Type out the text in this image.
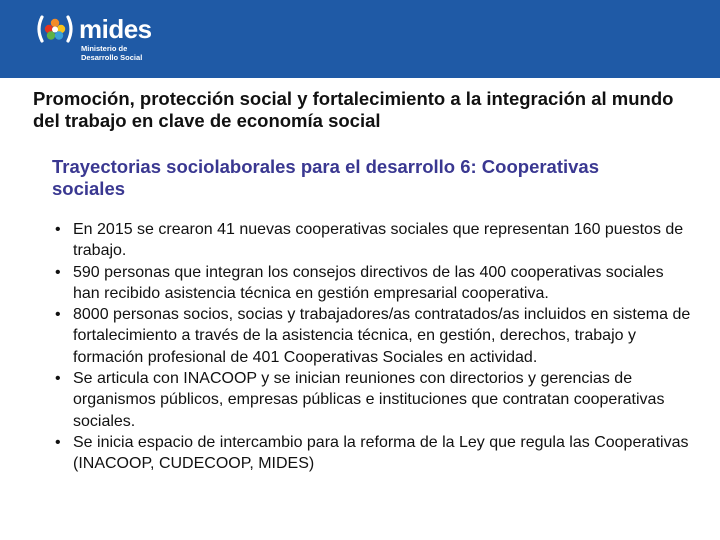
mides
Ministerio de
Desarrollo Social
Promoción, protección social y fortalecimiento a la integración al mundo del trabajo en clave de economía social
Trayectorias sociolaborales para el desarrollo 6: Cooperativas sociales
• En 2015 se crearon 41 nuevas cooperativas sociales que representan 160 puestos de trabajo.
• 590 personas que integran los consejos directivos de las 400 cooperativas sociales han recibido asistencia técnica en gestión empresarial cooperativa.
• 8000 personas socios, socias y trabajadores/as contratados/as incluidos en sistema de fortalecimiento a través de la asistencia técnica, en gestión, derechos, trabajo y formación profesional de 401 Cooperativas Sociales en actividad.
• Se articula con INACOOP y se inician reuniones con directorios y gerencias de organismos públicos, empresas públicas e instituciones que contratan cooperativas sociales.
• Se inicia espacio de intercambio para la reforma de la Ley que regula las Cooperativas (INACOOP, CUDECOOP, MIDES)
